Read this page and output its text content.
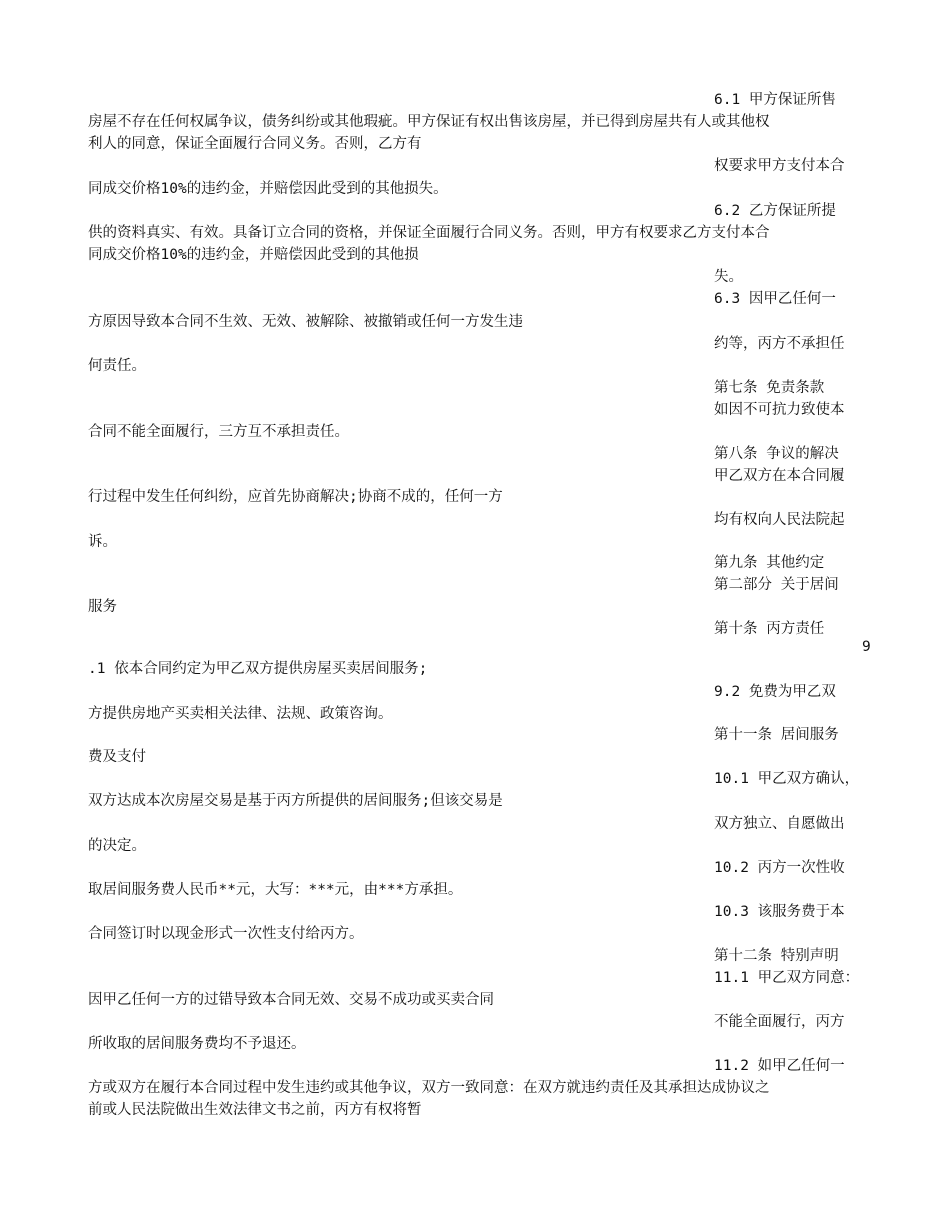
6.1 甲方保证所售
权要求甲方支付本合
6.2 乙方保证所提
失。
6.3 因甲乙任何一
约等，丙方不承担任
第七条 免责条款
如因不可抗力致使本
第八条 争议的解决
甲乙双方在本合同履
均有权向人民法院起
第九条 其他约定
第二部分 关于居间
第十条 丙方责任
9
9.2 免费为甲乙双
第十一条 居间服务
10.1 甲乙双方确认，
双方独立、自愿做出
10.2 丙方一次性收
10.3 该服务费于本
第十二条 特别声明
11.1 甲乙双方同意：
不能全面履行，丙方
11.2 如甲乙任何一
房屋不存在任何权属争议，债务纠纷或其他瑕疵。甲方保证有权出售该房屋，并已得到房屋共有人或其他权
利人的同意，保证全面履行合同义务。否则，乙方有
同成交价格10%的违约金，并赔偿因此受到的其他损失。
供的资料真实、有效。具备订立合同的资格，并保证全面履行合同义务。否则，甲方有权要求乙方支付本合
同成交价格10%的违约金，并赔偿因此受到的其他损
方原因导致本合同不生效、无效、被解除、被撤销或任何一方发生违
何责任。
合同不能全面履行，三方互不承担责任。
行过程中发生任何纠纷，应首先协商解决;协商不成的，任何一方
诉。
服务
.1 依本合同约定为甲乙双方提供房屋买卖居间服务;
方提供房地产买卖相关法律、法规、政策咨询。
费及支付
双方达成本次房屋交易是基于丙方所提供的居间服务;但该交易是
的决定。
取居间服务费人民币**元，大写：***元，由***方承担。
合同签订时以现金形式一次性支付给丙方。
因甲乙任何一方的过错导致本合同无效、交易不成功或买卖合同
所收取的居间服务费均不予退还。
方或双方在履行本合同过程中发生违约或其他争议，双方一致同意：在双方就违约责任及其承担达成协议之
前或人民法院做出生效法律文书之前，丙方有权将暂
